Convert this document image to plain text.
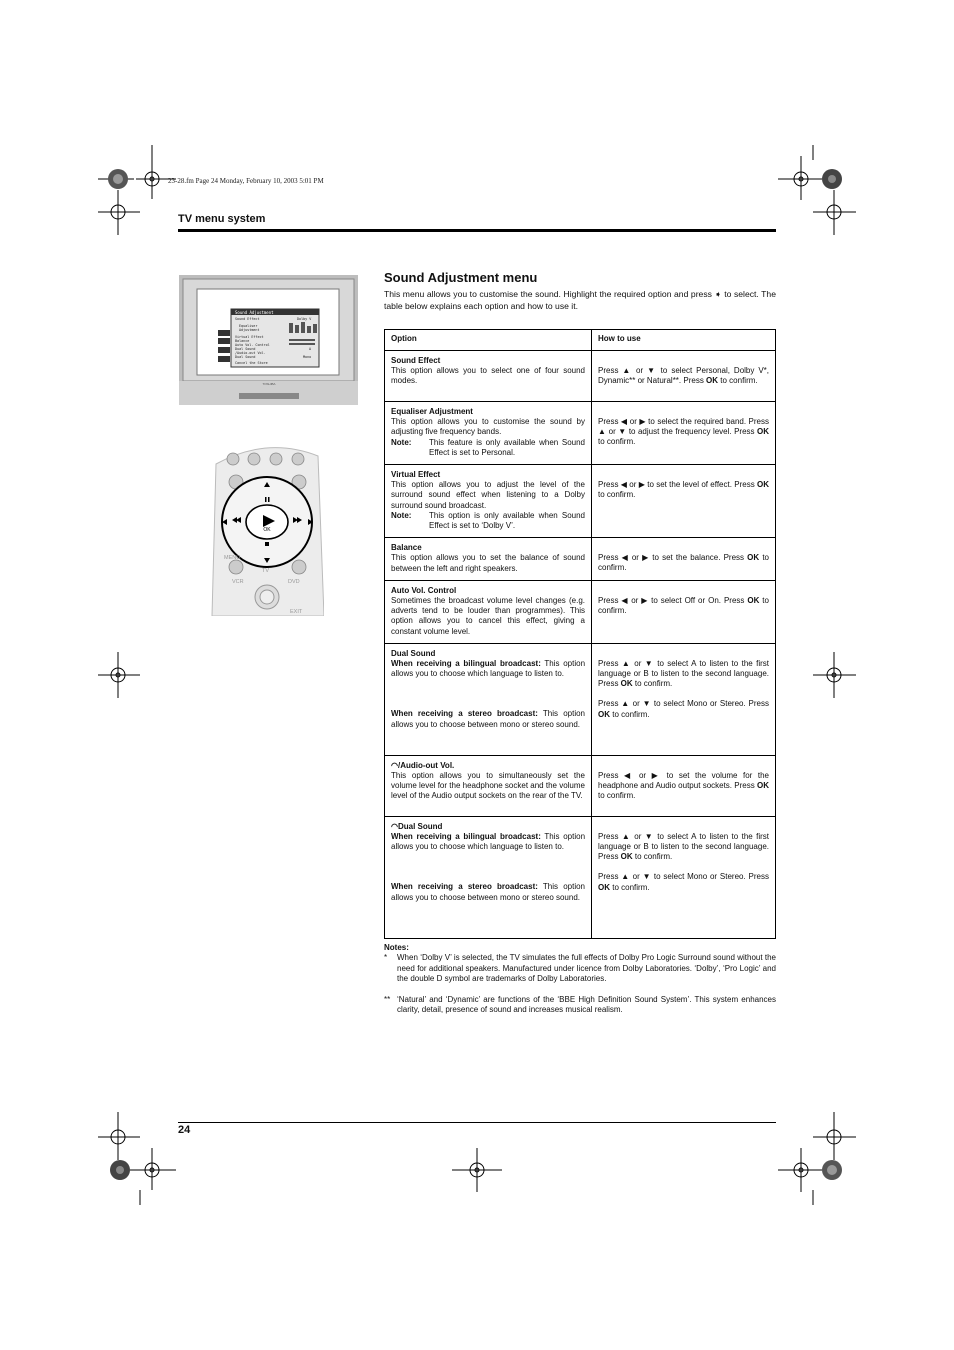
23-28.fm Page 24 Monday, February 10, 2003 5:01 PM
TV menu system
TOSHIBA
Sound Adjustment
Sound Effect
Equaliser
Adjustment
Virtual Effect
Balance
Auto Vol. Control
Dual Sound
/Audio-out Vol.
Dual Sound
Cancel the Store
Dolby V
A
Mono
OK
MENU
TV
VCR	DVD
EXIT
Sound Adjustment menu
This menu allows you to customise the sound. Highlight the required option and press ➧ to select. The table below explains each option and how to use it.
Option	How to use

Sound Effect
This option allows you to select one of four sound modes.	Press ▲ or ▼ to select Personal, Dolby V*, Dynamic** or Natural**. Press OK to confirm.

Equaliser Adjustment
This option allows you to customise the sound by adjusting five frequency bands.
Note: This feature is only available when Sound Effect is set to Personal.	Press ◀ or ▶ to select the required band. Press ▲ or ▼ to adjust the frequency level. Press OK to confirm.

Virtual Effect
This option allows you to adjust the level of the surround sound effect when listening to a Dolby surround sound broadcast.
Note: This option is only available when Sound Effect is set to ‘Dolby V’.	Press ◀ or ▶ to set the level of effect. Press OK to confirm.

Balance
This option allows you to set the balance of sound between the left and right speakers.	Press ◀ or ▶ to set the balance. Press OK to confirm.

Auto Vol. Control
Sometimes the broadcast volume level changes (e.g. adverts tend to be louder than programmes). This option allows you to cancel this effect, giving a constant volume level.	Press ◀ or ▶ to select Off or On. Press OK to confirm.

Dual Sound
When receiving a bilingual broadcast: This option allows you to choose which language to listen to.
When receiving a stereo broadcast: This option allows you to choose between mono or stereo sound.	Press ▲ or ▼ to select A to listen to the first language or B to listen to the second language. Press OK to confirm.
Press ▲ or ▼ to select Mono or Stereo. Press OK to confirm.

◠/Audio-out Vol.
This option allows you to simultaneously set the volume level for the headphone socket and the volume level of the Audio output sockets on the rear of the TV.	Press ◀ or ▶ to set the volume for the headphone and Audio output sockets. Press OK to confirm.

◠Dual Sound
When receiving a bilingual broadcast: This option allows you to choose which language to listen to.
When receiving a stereo broadcast: This option allows you to choose between mono or stereo sound.	Press ▲ or ▼ to select A to listen to the first language or B to listen to the second language. Press OK to confirm.
Press ▲ or ▼ to select Mono or Stereo. Press OK to confirm.
Notes:
*	When ‘Dolby V’ is selected, the TV simulates the full effects of Dolby Pro Logic Surround sound without the need for additional speakers. Manufactured under licence from Dolby Laboratories. ‘Dolby’, ‘Pro Logic’ and the double D symbol are trademarks of Dolby Laboratories.
** ‘Natural’ and ‘Dynamic’ are functions of the ‘BBE High Definition Sound System’. This system enhances clarity, detail, presence of sound and increases musical realism.
24
